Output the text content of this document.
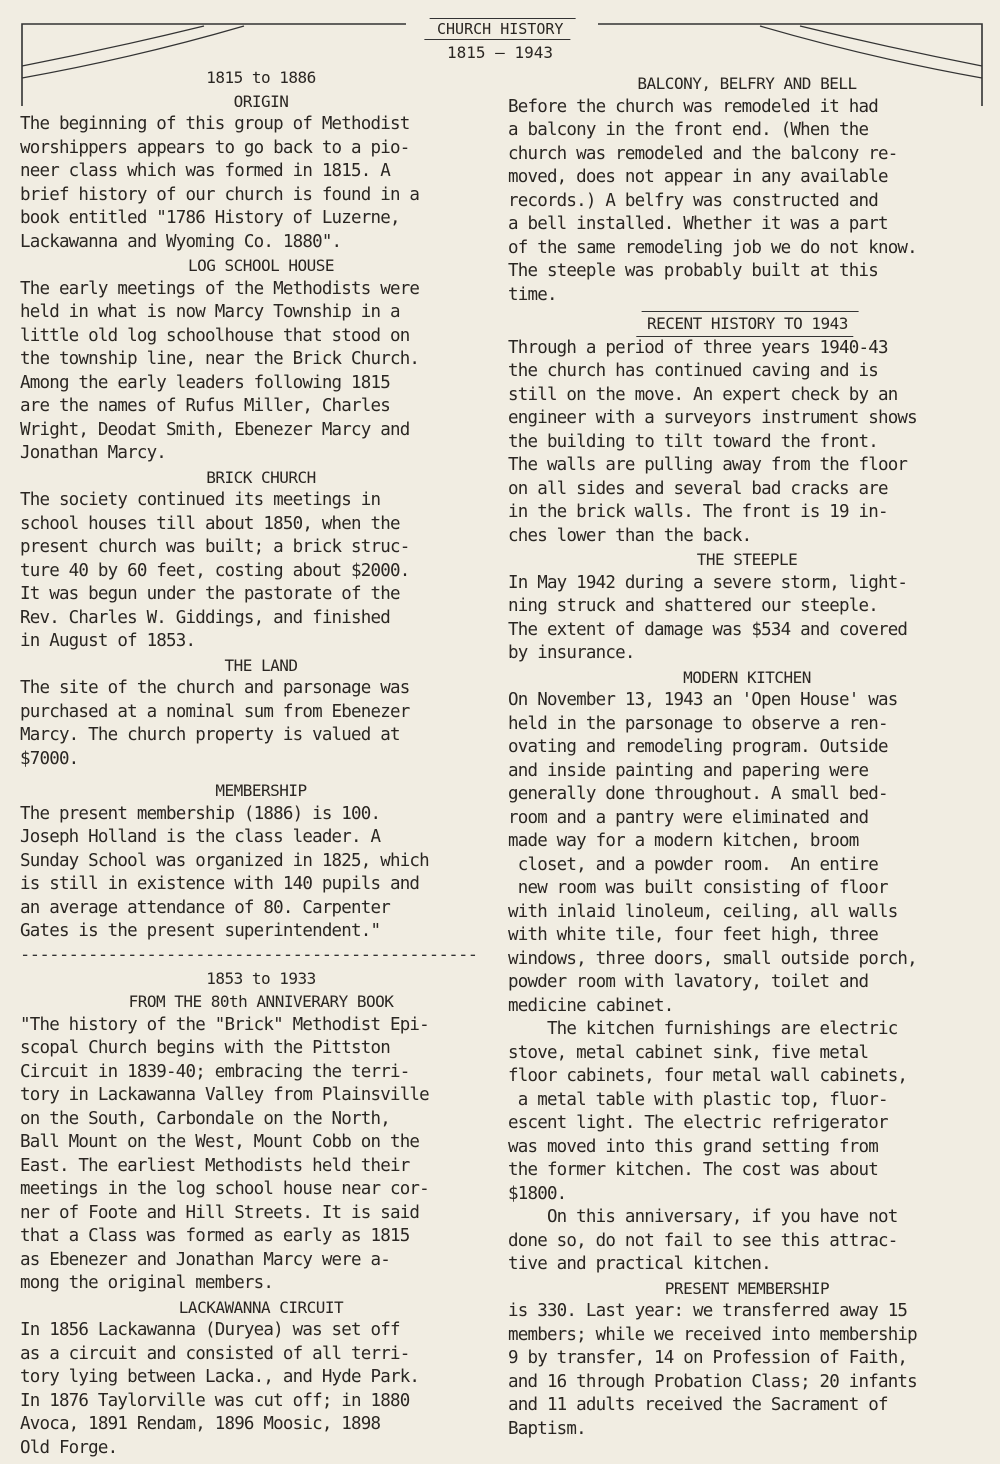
CHURCH HISTORY
1815 — 1943
1815 to 1886
ORIGIN
The beginning of this group of Methodist
worshippers appears to go back to a pio-
neer class which was formed in 1815. A
brief history of our church is found in a
book entitled "1786 History of Luzerne,
Lackawanna and Wyoming Co. 1880".
LOG SCHOOL HOUSE
The early meetings of the Methodists were
held in what is now Marcy Township in a
little old log schoolhouse that stood on
the township line, near the Brick Church.
Among the early leaders following 1815
are the names of Rufus Miller, Charles
Wright, Deodat Smith, Ebenezer Marcy and
Jonathan Marcy.
BRICK CHURCH
The society continued its meetings in
school houses till about 1850, when the
present church was built; a brick struc-
ture 40 by 60 feet, costing about $2000.
It was begun under the pastorate of the
Rev. Charles W. Giddings, and finished
in August of 1853.
THE LAND
The site of the church and parsonage was
purchased at a nominal sum from Ebenezer
Marcy. The church property is valued at
$7000.
MEMBERSHIP
The present membership (1886) is 100.
Joseph Holland is the class leader. A
Sunday School was organized in 1825, which
is still in existence with 140 pupils and
an average attendance of 80. Carpenter
Gates is the present superintendent."
-----------------------------------------------
1853 to 1933
FROM THE 80th ANNIVERARY BOOK
"The history of the "Brick" Methodist Epi-
scopal Church begins with the Pittston
Circuit in 1839-40; embracing the terri-
tory in Lackawanna Valley from Plainsville
on the South, Carbondale on the North,
Ball Mount on the West, Mount Cobb on the
East. The earliest Methodists held their
meetings in the log school house near cor-
ner of Foote and Hill Streets. It is said
that a Class was formed as early as 1815
as Ebenezer and Jonathan Marcy were a-
mong the original members.
LACKAWANNA CIRCUIT
In 1856 Lackawanna (Duryea) was set off
as a circuit and consisted of all terri-
tory lying between Lacka., and Hyde Park.
In 1876 Taylorville was cut off; in 1880
Avoca, 1891 Rendam, 1896 Moosic, 1898
Old Forge.
BALCONY, BELFRY AND BELL
Before the church was remodeled it had
a balcony in the front end. (When the
church was remodeled and the balcony re-
moved, does not appear in any available
records.) A belfry was constructed and
a bell installed. Whether it was a part
of the same remodeling job we do not know.
The steeple was probably built at this
time.
RECENT HISTORY TO 1943
Through a period of three years 1940-43
the church has continued caving and is
still on the move. An expert check by an
engineer with a surveyors instrument shows
the building to tilt toward the front.
The walls are pulling away from the floor
on all sides and several bad cracks are
in the brick walls. The front is 19 in-
ches lower than the back.
THE STEEPLE
In May 1942 during a severe storm, light-
ning struck and shattered our steeple.
The extent of damage was $534 and covered
by insurance.
MODERN KITCHEN
On November 13, 1943 an 'Open House' was
held in the parsonage to observe a ren-
ovating and remodeling program. Outside
and inside painting and papering were
generally done throughout. A small bed-
room and a pantry were eliminated and
made way for a modern kitchen, broom
closet, and a powder room.  An entire
new room was built consisting of floor
with inlaid linoleum, ceiling, all walls
with white tile, four feet high, three
windows, three doors, small outside porch,
powder room with lavatory, toilet and
medicine cabinet.
The kitchen furnishings are electric
stove, metal cabinet sink, five metal
floor cabinets, four metal wall cabinets,
a metal table with plastic top, fluor-
escent light. The electric refrigerator
was moved into this grand setting from
the former kitchen. The cost was about
$1800.
On this anniversary, if you have not
done so, do not fail to see this attrac-
tive and practical kitchen.
PRESENT MEMBERSHIP
is 330. Last year: we transferred away 15
members; while we received into membership
9 by transfer, 14 on Profession of Faith,
and 16 through Probation Class; 20 infants
and 11 adults received the Sacrament of
Baptism.
